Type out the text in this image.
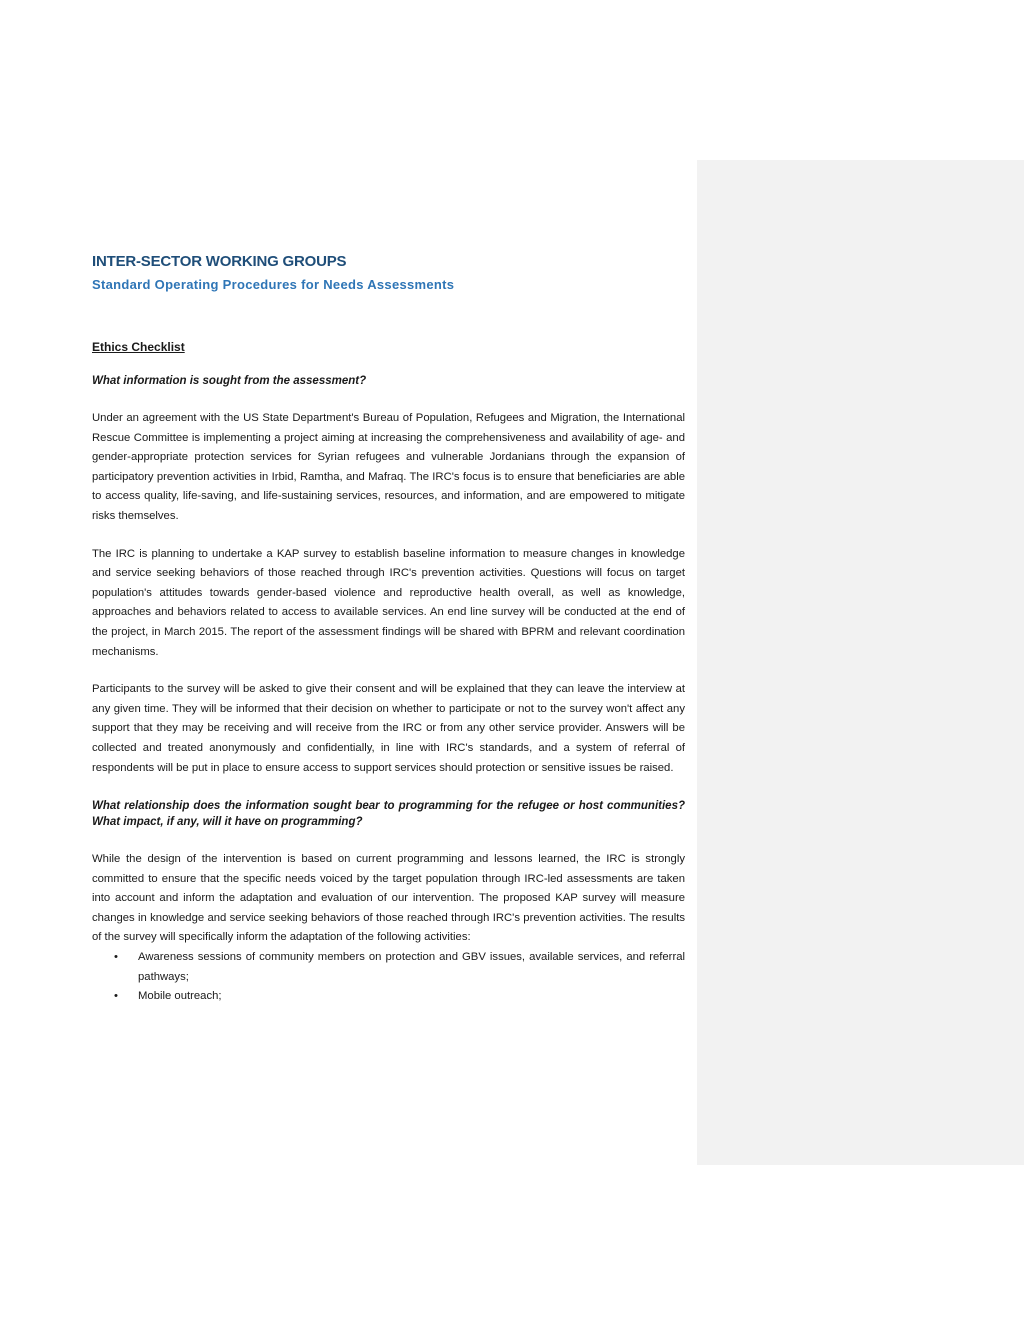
INTER-SECTOR WORKING GROUPS
Standard Operating Procedures for Needs Assessments
Ethics Checklist

What information is sought from the assessment?

Under an agreement with the US State Department's Bureau of Population, Refugees and Migration, the International Rescue Committee is implementing a project aiming at increasing the comprehensiveness and availability of age- and gender-appropriate protection services for Syrian refugees and vulnerable Jordanians through the expansion of participatory prevention activities in Irbid, Ramtha, and Mafraq. The IRC's focus is to ensure that beneficiaries are able to access quality, life-saving, and life-sustaining services, resources, and information, and are empowered to mitigate risks themselves.

The IRC is planning to undertake a KAP survey to establish baseline information to measure changes in knowledge and service seeking behaviors of those reached through IRC's prevention activities. Questions will focus on target population's attitudes towards gender-based violence and reproductive health overall, as well as knowledge, approaches and behaviors related to access to available services. An end line survey will be conducted at the end of the project, in March 2015. The report of the assessment findings will be shared with BPRM and relevant coordination mechanisms.

Participants to the survey will be asked to give their consent and will be explained that they can leave the interview at any given time. They will be informed that their decision on whether to participate or not to the survey won't affect any support that they may be receiving and will receive from the IRC or from any other service provider. Answers will be collected and treated anonymously and confidentially, in line with IRC's standards, and a system of referral of respondents will be put in place to ensure access to support services should protection or sensitive issues be raised.

What relationship does the information sought bear to programming for the refugee or host communities? What impact, if any, will it have on programming?

While the design of the intervention is based on current programming and lessons learned, the IRC is strongly committed to ensure that the specific needs voiced by the target population through IRC-led assessments are taken into account and inform the adaptation and evaluation of our intervention. The proposed KAP survey will measure changes in knowledge and service seeking behaviors of those reached through IRC's prevention activities. The results of the survey will specifically inform the adaptation of the following activities:

• Awareness sessions of community members on protection and GBV issues, available services, and referral pathways;
• Mobile outreach;
